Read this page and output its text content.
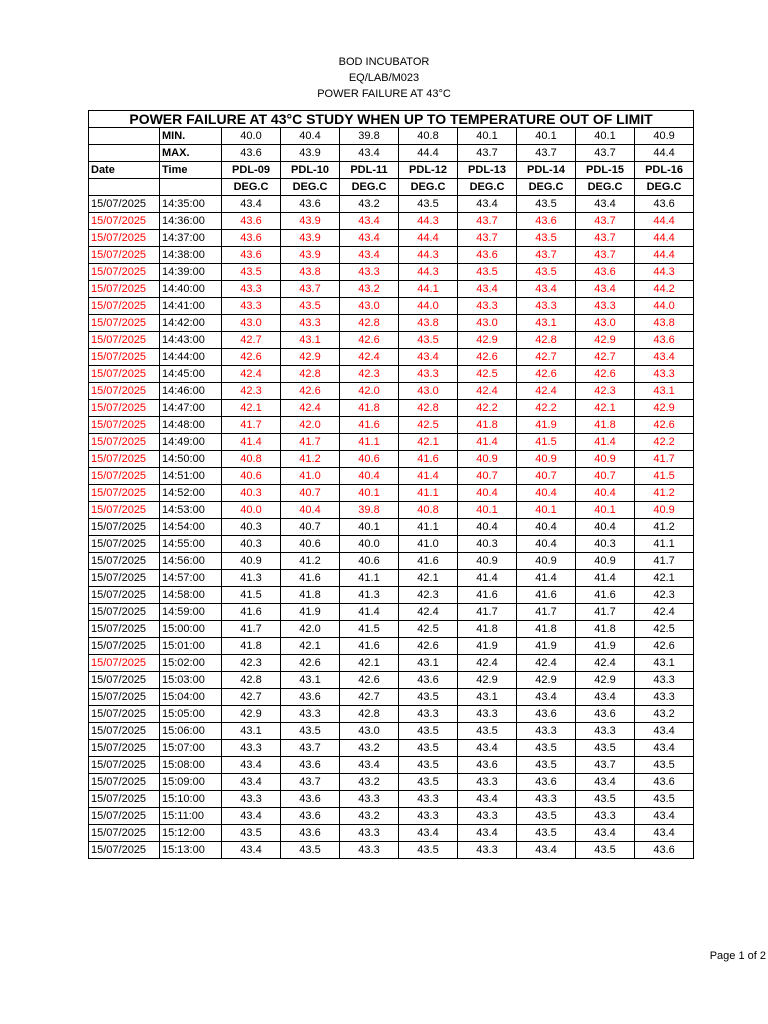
BOD INCUBATOR
EQ/LAB/M023
POWER FAILURE AT 43°C
POWER FAILURE AT 43°C STUDY WHEN UP TO TEMPERATURE OUT OF LIMIT									
	MIN.	40.0	40.4	39.8	40.8	40.1	40.1	40.1	40.9
	MAX.	43.6	43.9	43.4	44.4	43.7	43.7	43.7	44.4
Date	Time	PDL-09	PDL-10	PDL-11	PDL-12	PDL-13	PDL-14	PDL-15	PDL-16
		DEG.C	DEG.C	DEG.C	DEG.C	DEG.C	DEG.C	DEG.C	DEG.C
15/07/2025	14:35:00	43.4	43.6	43.2	43.5	43.4	43.5	43.4	43.6
15/07/2025	14:36:00	43.6	43.9	43.4	44.3	43.7	43.6	43.7	44.4
15/07/2025	14:37:00	43.6	43.9	43.4	44.4	43.7	43.5	43.7	44.4
15/07/2025	14:38:00	43.6	43.9	43.4	44.3	43.6	43.7	43.7	44.4
15/07/2025	14:39:00	43.5	43.8	43.3	44.3	43.5	43.5	43.6	44.3
15/07/2025	14:40:00	43.3	43.7	43.2	44.1	43.4	43.4	43.4	44.2
15/07/2025	14:41:00	43.3	43.5	43.0	44.0	43.3	43.3	43.3	44.0
15/07/2025	14:42:00	43.0	43.3	42.8	43.8	43.0	43.1	43.0	43.8
15/07/2025	14:43:00	42.7	43.1	42.6	43.5	42.9	42.8	42.9	43.6
15/07/2025	14:44:00	42.6	42.9	42.4	43.4	42.6	42.7	42.7	43.4
15/07/2025	14:45:00	42.4	42.8	42.3	43.3	42.5	42.6	42.6	43.3
15/07/2025	14:46:00	42.3	42.6	42.0	43.0	42.4	42.4	42.3	43.1
15/07/2025	14:47:00	42.1	42.4	41.8	42.8	42.2	42.2	42.1	42.9
15/07/2025	14:48:00	41.7	42.0	41.6	42.5	41.8	41.9	41.8	42.6
15/07/2025	14:49:00	41.4	41.7	41.1	42.1	41.4	41.5	41.4	42.2
15/07/2025	14:50:00	40.8	41.2	40.6	41.6	40.9	40.9	40.9	41.7
15/07/2025	14:51:00	40.6	41.0	40.4	41.4	40.7	40.7	40.7	41.5
15/07/2025	14:52:00	40.3	40.7	40.1	41.1	40.4	40.4	40.4	41.2
15/07/2025	14:53:00	40.0	40.4	39.8	40.8	40.1	40.1	40.1	40.9
15/07/2025	14:54:00	40.3	40.7	40.1	41.1	40.4	40.4	40.4	41.2
15/07/2025	14:55:00	40.3	40.6	40.0	41.0	40.3	40.4	40.3	41.1
15/07/2025	14:56:00	40.9	41.2	40.6	41.6	40.9	40.9	40.9	41.7
15/07/2025	14:57:00	41.3	41.6	41.1	42.1	41.4	41.4	41.4	42.1
15/07/2025	14:58:00	41.5	41.8	41.3	42.3	41.6	41.6	41.6	42.3
15/07/2025	14:59:00	41.6	41.9	41.4	42.4	41.7	41.7	41.7	42.4
15/07/2025	15:00:00	41.7	42.0	41.5	42.5	41.8	41.8	41.8	42.5
15/07/2025	15:01:00	41.8	42.1	41.6	42.6	41.9	41.9	41.9	42.6
15/07/2025	15:02:00	42.3	42.6	42.1	43.1	42.4	42.4	42.4	43.1
15/07/2025	15:03:00	42.8	43.1	42.6	43.6	42.9	42.9	42.9	43.3
15/07/2025	15:04:00	42.7	43.6	42.7	43.5	43.1	43.4	43.4	43.3
15/07/2025	15:05:00	42.9	43.3	42.8	43.3	43.3	43.6	43.6	43.2
15/07/2025	15:06:00	43.1	43.5	43.0	43.5	43.5	43.3	43.3	43.4
15/07/2025	15:07:00	43.3	43.7	43.2	43.5	43.4	43.5	43.5	43.4
15/07/2025	15:08:00	43.4	43.6	43.4	43.5	43.6	43.5	43.7	43.5
15/07/2025	15:09:00	43.4	43.7	43.2	43.5	43.3	43.6	43.4	43.6
15/07/2025	15:10:00	43.3	43.6	43.3	43.3	43.4	43.3	43.5	43.5
15/07/2025	15:11:00	43.4	43.6	43.2	43.3	43.3	43.5	43.3	43.4
15/07/2025	15:12:00	43.5	43.6	43.3	43.4	43.4	43.5	43.4	43.4
15/07/2025	15:13:00	43.4	43.5	43.3	43.5	43.3	43.4	43.5	43.6
Page 1 of 2
